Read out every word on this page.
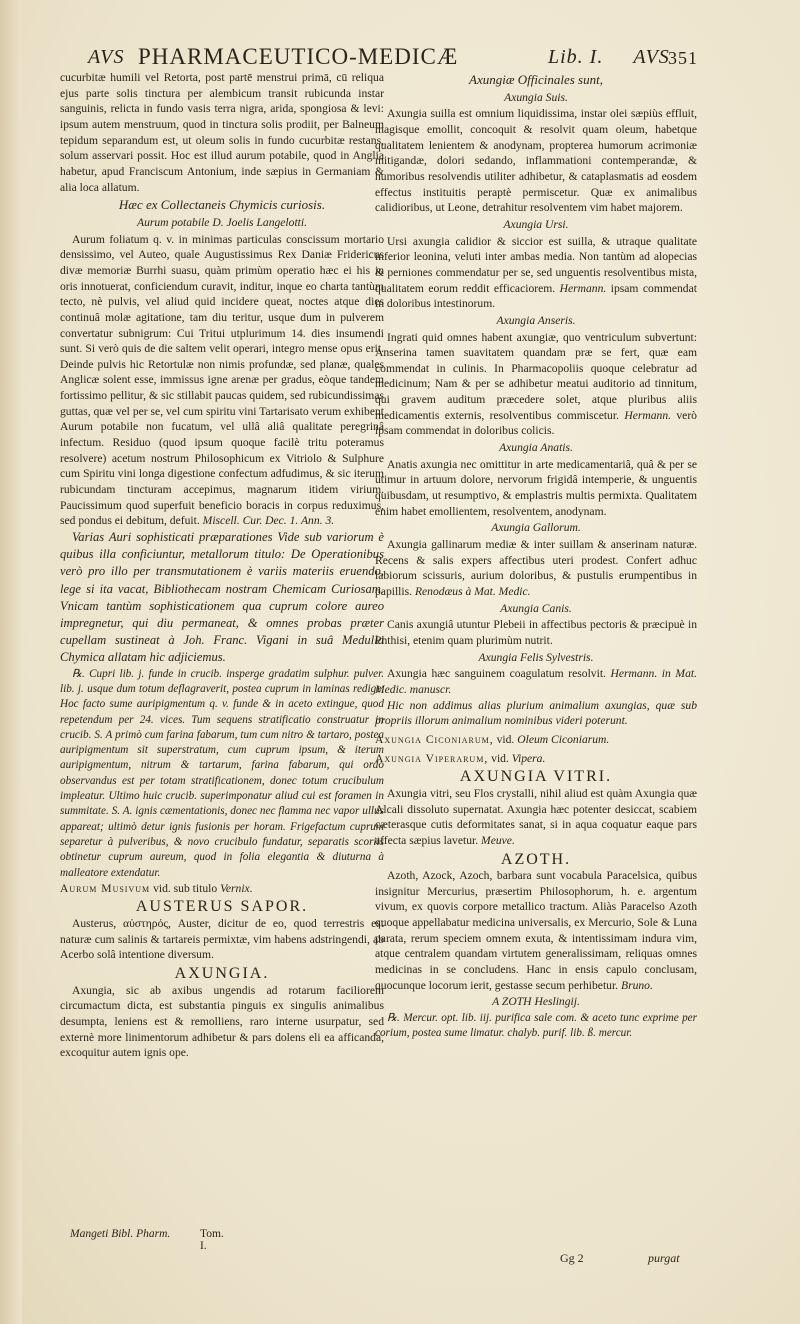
AVS PHARMACEUTICO-MEDICÆ	Lib. I. AVS
351

cucurbitæ humili vel Retorta, post partē menstrui primā, cū reliqua ejus parte solis tinctura per alembicum transit rubicunda instar sanguinis, relicta in fundo vasis terra nigra, arida, spongiosa & levi: ipsum autem menstruum, quod in tinctura solis prodiit, per Balneum tepidum separandum est, ut oleum solis in fundo cucurbitæ restans, solum asservari possit. Hoc est illud aurum potabile, quod in Anglia habetur, apud Franciscum Antonium, inde sæpius in Germaniam & alia loca allatum.

Hæc ex Collectaneis Chymicis curiosis.
Aurum potabile D. Joelis Langelotti.

Aurum foliatum q. v. in minimas particulas conscissum mortario densissimo, vel Auteo, quale Augustissimus Rex Daniæ Fridericus divæ memoriæ Burrhi suasu, quàm primùm operatio hæc ei his in oris innotuerat, conficiendum curavit, inditur, inque eo charta tantùm tecto, nè pulvis, vel aliud quid incidere queat, noctes atque dies continuâ molæ agitatione, tam diu teritur, usque dum in pulverem convertatur subnigrum: Cui Tritui utplurimum 14. dies insumendi sunt. Si verò quis de die saltem velit operari, integro mense opus erit. Deinde pulvis hic Retortulæ non nimis profundæ, sed planæ, quales Anglicæ solent esse, immissus igne arenæ per gradus, eòque tandem fortissimo pellitur, & sic stillabit paucas quidem, sed rubicundissimas guttas, quæ vel per se, vel cum spiritu vini Tartarisato verum exhibent Aurum potabile non fucatum, vel ullâ aliâ qualitate peregrinâ infectum. Residuo (quod ipsum quoque facilè tritu poteramus resolvere) acetum nostrum Philosophicum ex Vitriolo & Sulphure cum Spiritu vini longa digestione confectum adfudimus, & sic iterum rubicundam tincturam accepimus, magnarum itidem virium. Paucissimum quod superfuit beneficio boracis in corpus reduximus, sed pondus ei debitum, defuit. Miscell. Cur. Dec. 1. Ann. 3.

Varias Auri sophisticati præparationes Vide sub variorum è quibus illa conficiuntur, metallorum titulo: De Operationibus verò pro illo per transmutationem è variis materiis eruendo, lege si ita vacat, Bibliothecam nostram Chemicam Curiosam. Vnicam tantùm sophisticationem qua cuprum colore aureo impregnetur, qui diu permaneat, & omnes probas præter cupellam sustineat à Joh. Franc. Vigani in suâ Medulla Chymica allatam hic adjiciemus.

℞. Cupri lib. j. funde in crucib. insperge gradatim sulphur. pulver. lib. j. usque dum totum deflagraverit, postea cuprum in laminas redige. Hoc facto sume auripigmentum q. v. funde & in aceto extingue, quod repetendum per 24. vices. Tum sequens stratificatio construatur in crucib. S. A primò cum farina fabarum, tum cum nitro & tartaro, postea auripigmentum sit superstratum, cum cuprum ipsum, & iterum auripigmentum, nitrum & tartarum, farina fabarum, qui ordo observandus est per totam stratificationem, donec totum crucibulum impleatur. Ultimo huic crucib. superimponatur aliud cui est foramen in summitate. S. A. ignis cæmentationis, donec nec flamma nec vapor ullus appareat; ultimò detur ignis fusionis per horam. Frigefactum cuprum separetur à pulveribus, & novo crucibulo fundatur, separatis scoriis obtinetur cuprum aureum, quod in folia elegantia & diuturna à malleatore extendatur.

Aurum Musivum vid. sub titulo Vernix.

AUSTERUS SAPOR.

Austerus, αὐστηρός, Auster, dicitur de eo, quod terrestris est naturæ cum salinis & tartareis permixtæ, vim habens adstringendi, ab Acerbo solâ intentione diversum.

AXUNGIA.

Axungia, sic ab axibus ungendis ad rotarum faciliorem circumactum dicta, est substantia pinguis ex singulis animalibus desumpta, leniens est & remolliens, raro interne usurpatur, sed externè more linimentorum adhibetur & pars dolens eli ea afficanda, excoquitur autem ignis ope.

Axungiæ Officinales sunt,
Axungia Suis.

Axungia suilla est omnium liquidissima, instar olei sæpiùs effluit, magisque emollit, concoquit & resolvit quam oleum, habetque qualitatem lenientem & anodynam, propterea humorum acrimoniæ mitigandæ, dolori sedando, inflammationi contemperandæ, & humoribus resolvendis utiliter adhibetur, & cataplasmatis ad eosdem effectus instituitis peraptè permiscetur. Quæ ex animalibus calidioribus, ut Leone, detrahitur resolventem vim habet majorem.

Axungia Ursi.

Ursi axungia calidior & siccior est suilla, & utraque qualitate inferior leonina, veluti inter ambas media. Non tantùm ad alopecias & perniones commendatur per se, sed unguentis resolventibus mista, qualitatem eorum reddit efficaciorem. Hermann. ipsam commendat in doloribus intestinorum.

Axungia Anseris.

Ingrati quid omnes habent axungiæ, quo ventriculum subvertunt: Anserina tamen suavitatem quandam præ se fert, quæ eam commendat in culinis. In Pharmacopoliis quoque celebratur ad medicinum; Nam & per se adhibetur meatui auditorio ad tinnitum, qui gravem auditum præcedere solet, atque pluribus aliis medicamentis externis, resolventibus commiscetur. Hermann. verò ipsam commendat in doloribus colicis.

Axungia Anatis.

Anatis axungia nec omittitur in arte medicamentariâ, quâ & per se utimur in artuum dolore, nervorum frigidâ intemperie, & unguentis quibusdam, ut resumptivo, & emplastris multis permixta. Qualitatem enim habet emollientem, resolventem, anodynam.

Axungia Gallorum.

Axungia gallinarum mediæ & inter suillam & anserinam naturæ. Recens & salis expers affectibus uteri prodest. Confert adhuc labiorum scissuris, aurium doloribus, & pustulis erumpentibus in papillis. Renodæus à Mat. Medic.

Axungia Canis.

Canis axungiâ utuntur Plebeii in affectibus pectoris & præcipuè in Phthisi, etenim quam plurimùm nutrit.

Axungia Felis Sylvestris.

Axungia hæc sanguinem coagulatum resolvit. Hermann. in Mat. Medic. manuscr.

Hic non addimus alias plurium animalium axungias, quæ sub propriis illorum animalium nominibus videri poterunt.

Axungia Ciconiarum, vid. Oleum Ciconiarum.

Axungia Viperarum, vid. Vipera.

AXUNGIA VITRI.

Axungia vitri, seu Flos crystalli, nihil aliud est quàm Axungia quæ Alcali dissoluto supernatat. Axungia hæc potenter desiccat, scabiem cæterasque cutis deformitates sanat, si in aqua coquatur eaque pars affecta sæpius lavetur. Meuve.

AZOTH.

Azoth, Azock, Azoch, barbara sunt vocabula Paracelsica, quibus insignitur Mercurius, præsertim Philosophorum, h. e. argentum vivum, ex quovis corpore metallico tractum. Aliàs Paracelso Azoth quoque appellabatur medicina universalis, ex Mercurio, Sole & Luna parata, rerum speciem omnem exuta, & intentissimam indura vim, atque centralem quandam virtutem generalissimam, reliquas omnes medicinas in se concludens. Hanc in ensis capulo conclusam, quocunque locorum ierit, gestasse secum perhibetur. Bruno.

A ZOTH Heslingij.

℞. Mercur. opt. lib. iij. purifica sale com. & aceto tunc exprime per corium, postea sume limatur. chalyb. purif. lib. ß. mercur.

Mangeti Bibl. Pharm.	Tom. I.
Gg 2	purgat
